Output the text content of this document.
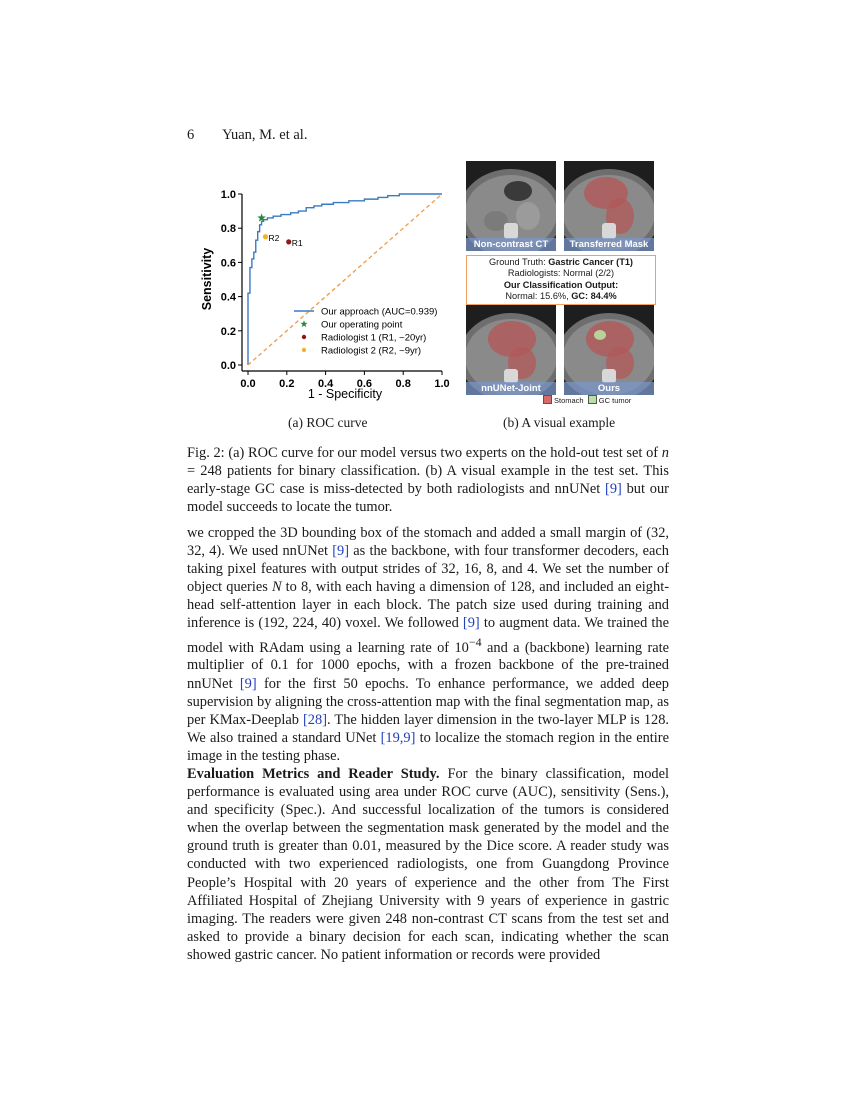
6 Yuan, M. et al.
0.0 0.2 0.4 0.6 0.8 1.0
0.0
0.2
0.4
0.6
0.8
1.0
R1
R2
Our approach (AUC=0.939)
Our operating point
Radiologist 1 (R1, ~20yr)
Radiologist 2 (R2, ~9yr)
1 - Specificity
Sensitivity
Non-contrast CT	Transferred Mask
Ground Truth: Gastric Cancer (T1)
Radiologists: Normal (2/2)
Our Classification Output:
Normal: 15.6%, GC: 84.4%
nnUNet-Joint	Ours
Stomach GC tumor
(a) ROC curve	(b) A visual example
Fig. 2: (a) ROC curve for our model versus two experts on the hold-out test set of n = 248 patients for binary classification. (b) A visual example in the test set. This early-stage GC case is miss-detected by both radiologists and nnUNet [9] but our model succeeds to locate the tumor.

we cropped the 3D bounding box of the stomach and added a small margin of (32, 32, 4). We used nnUNet [9] as the backbone, with four transformer decoders, each taking pixel features with output strides of 32, 16, 8, and 4. We set the number of object queries N to 8, with each having a dimension of 128, and included an eight-head self-attention layer in each block. The patch size used during training and inference is (192, 224, 40) voxel. We followed [9] to augment data. We trained the model with RAdam using a learning rate of $10^{-4}$ and a (backbone) learning rate multiplier of 0.1 for 1000 epochs, with a frozen backbone of the pre-trained nnUNet [9] for the first 50 epochs. To enhance performance, we added deep supervision by aligning the cross-attention map with the final segmentation map, as per KMax-Deeplab [28]. The hidden layer dimension in the two-layer MLP is 128. We also trained a standard UNet [19,9] to localize the stomach region in the entire image in the testing phase.

Evaluation Metrics and Reader Study. For the binary classification, model performance is evaluated using area under ROC curve (AUC), sensitivity (Sens.), and specificity (Spec.). And successful localization of the tumors is considered when the overlap between the segmentation mask generated by the model and the ground truth is greater than 0.01, measured by the Dice score. A reader study was conducted with two experienced radiologists, one from Guangdong Province People’s Hospital with 20 years of experience and the other from The First Affiliated Hospital of Zhejiang University with 9 years of experience in gastric imaging. The readers were given 248 non-contrast CT scans from the test set and asked to provide a binary decision for each scan, indicating whether the scan showed gastric cancer. No patient information or records were provided
